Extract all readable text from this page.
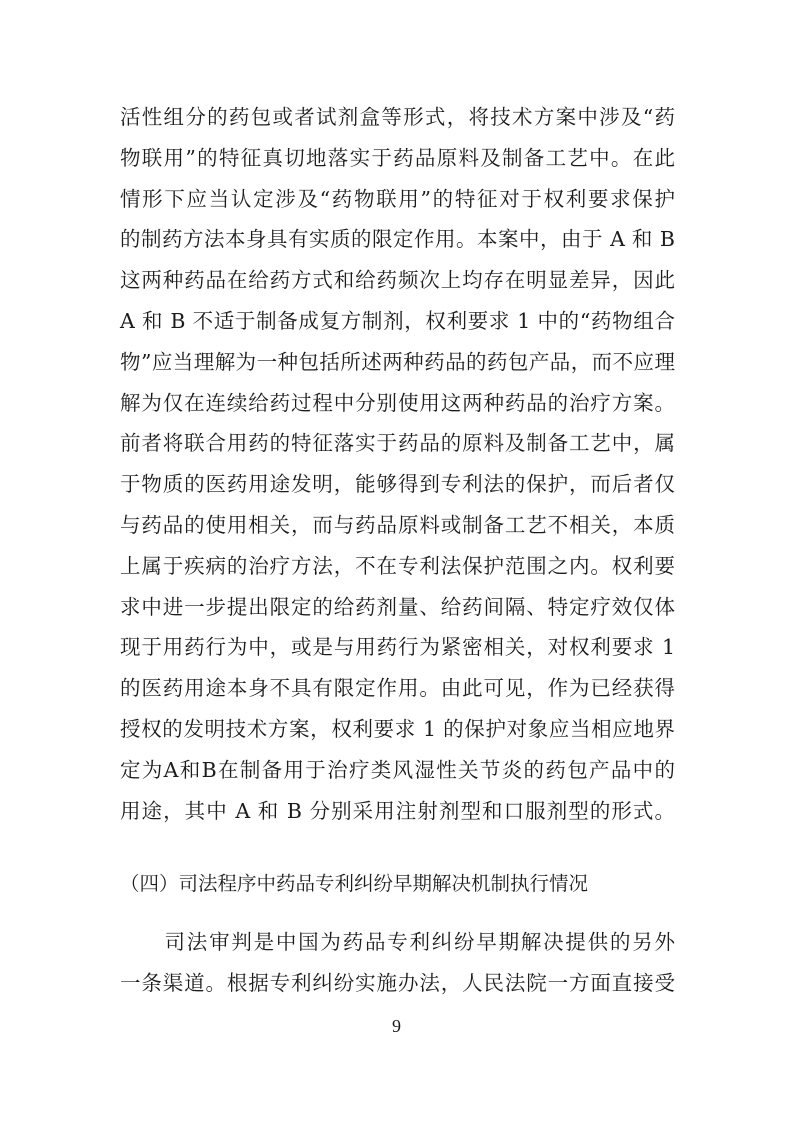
活性组分的药包或者试剂盒等形式，将技术方案中涉及“药
物联用”的特征真切地落实于药品原料及制备工艺中。在此
情形下应当认定涉及“药物联用”的特征对于权利要求保护
的制药方法本身具有实质的限定作用。本案中，由于 A 和 B
这两种药品在给药方式和给药频次上均存在明显差异，因此
A 和 B 不适于制备成复方制剂，权利要求 1 中的“药物组合
物”应当理解为一种包括所述两种药品的药包产品，而不应理
解为仅在连续给药过程中分别使用这两种药品的治疗方案。
前者将联合用药的特征落实于药品的原料及制备工艺中，属
于物质的医药用途发明，能够得到专利法的保护，而后者仅
与药品的使用相关，而与药品原料或制备工艺不相关，本质
上属于疾病的治疗方法，不在专利法保护范围之内。权利要
求中进一步提出限定的给药剂量、给药间隔、特定疗效仅体
现于用药行为中，或是与用药行为紧密相关，对权利要求 1
的医药用途本身不具有限定作用。由此可见，作为已经获得
授权的发明技术方案，权利要求 1 的保护对象应当相应地界
定为A和B在制备用于治疗类风湿性关节炎的药包产品中的
用途，其中 A 和 B 分别采用注射剂型和口服剂型的形式。
（四）司法程序中药品专利纠纷早期解决机制执行情况
　　司法审判是中国为药品专利纠纷早期解决提供的另外
一条渠道。根据专利纠纷实施办法，人民法院一方面直接受
9
